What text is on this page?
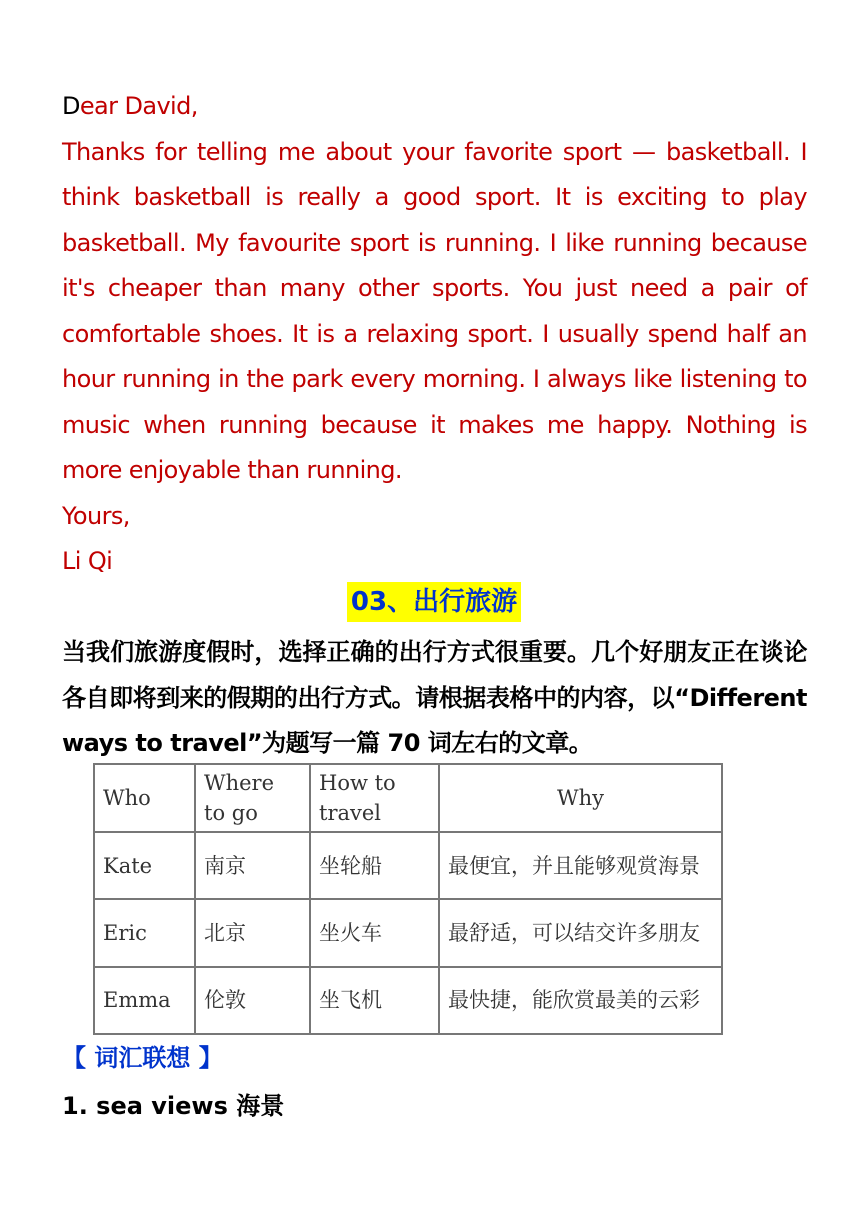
Dear David,

Thanks for telling me about your favorite sport — basketball. I think basketball is really a good sport. It is exciting to play basketball. My favourite sport is running. I like running because it's cheaper than many other sports. You just need a pair of comfortable shoes. It is a relaxing sport. I usually spend half an hour running in the park every morning. I always like listening to music when running because it makes me happy. Nothing is more enjoyable than running.

Yours,

Li Qi

03、出行旅游
当我们旅游度假时，选择正确的出行方式很重要。几个好朋友正在谈论各自即将到来的假期的出行方式。请根据表格中的内容，以“Different ways to travel”为题写一篇 70 词左右的文章。
Who	Where to go	How to travel	Why
Kate	南京	坐轮船	最便宜，并且能够观赏海景
Eric	北京	坐火车	最舒适，可以结交许多朋友
Emma	伦敦	坐飞机	最快捷，能欣赏最美的云彩
【 词汇联想 】
1. sea views 海景
